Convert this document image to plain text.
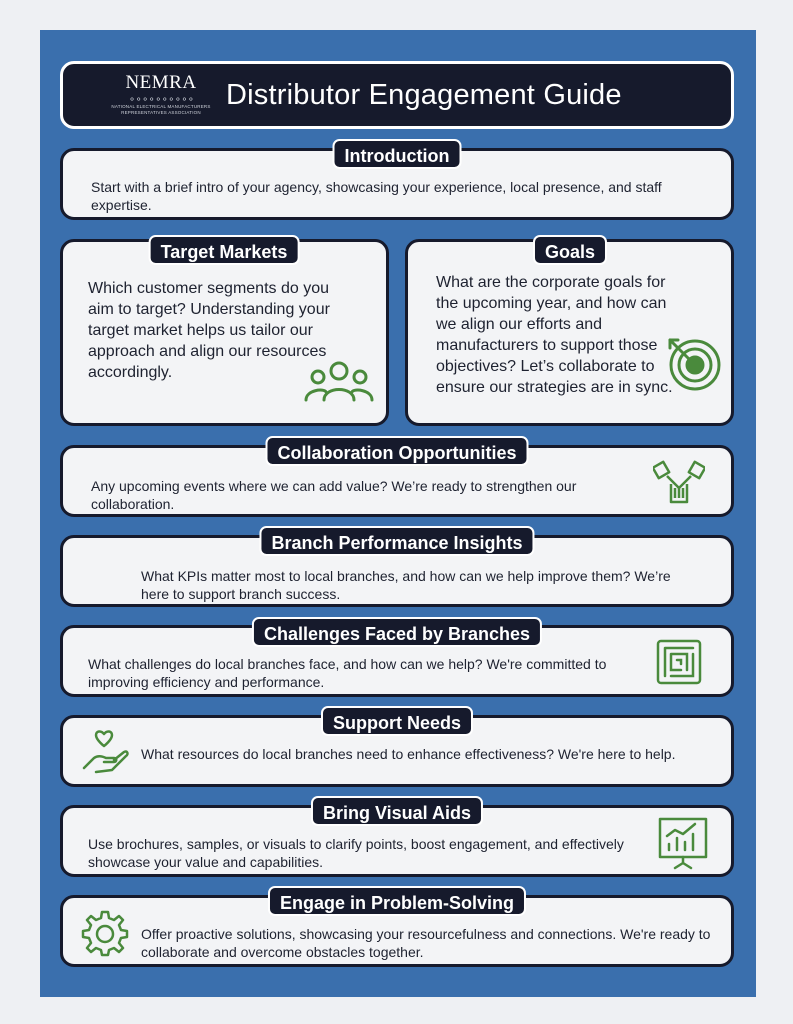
NEMRA
⚬⚬⚬⚬⚬⚬⚬⚬⚬⚬
NATIONAL ELECTRICAL MANUFACTURERS
REPRESENTATIVES ASSOCIATION
Distributor Engagement Guide
Start with a brief intro of your agency, showcasing your experience, local presence, and staff expertise.
Introduction
Which customer segments do you aim to target? Understanding your target market helps us tailor our approach and align our resources accordingly.
Target Markets
What are the corporate goals for the upcoming year, and how can we align our efforts and manufacturers to support those objectives? Let’s collaborate to ensure our strategies are in sync.
Goals
Any upcoming events where we can add value? We’re ready to strengthen our collaboration.
Collaboration Opportunities
What KPIs matter most to local branches, and how can we help improve them? We’re here to support branch success.
Branch Performance Insights
What challenges do local branches face, and how can we help? We're committed to improving efficiency and performance.
Challenges Faced by Branches
What resources do local branches need to enhance effectiveness? We're here to help.
Support Needs
Use brochures, samples, or visuals to clarify points, boost engagement, and effectively showcase your value and capabilities.
Bring Visual Aids
Offer proactive solutions, showcasing your resourcefulness and connections. We're ready to collaborate and overcome obstacles together.
Engage in Problem-Solving
